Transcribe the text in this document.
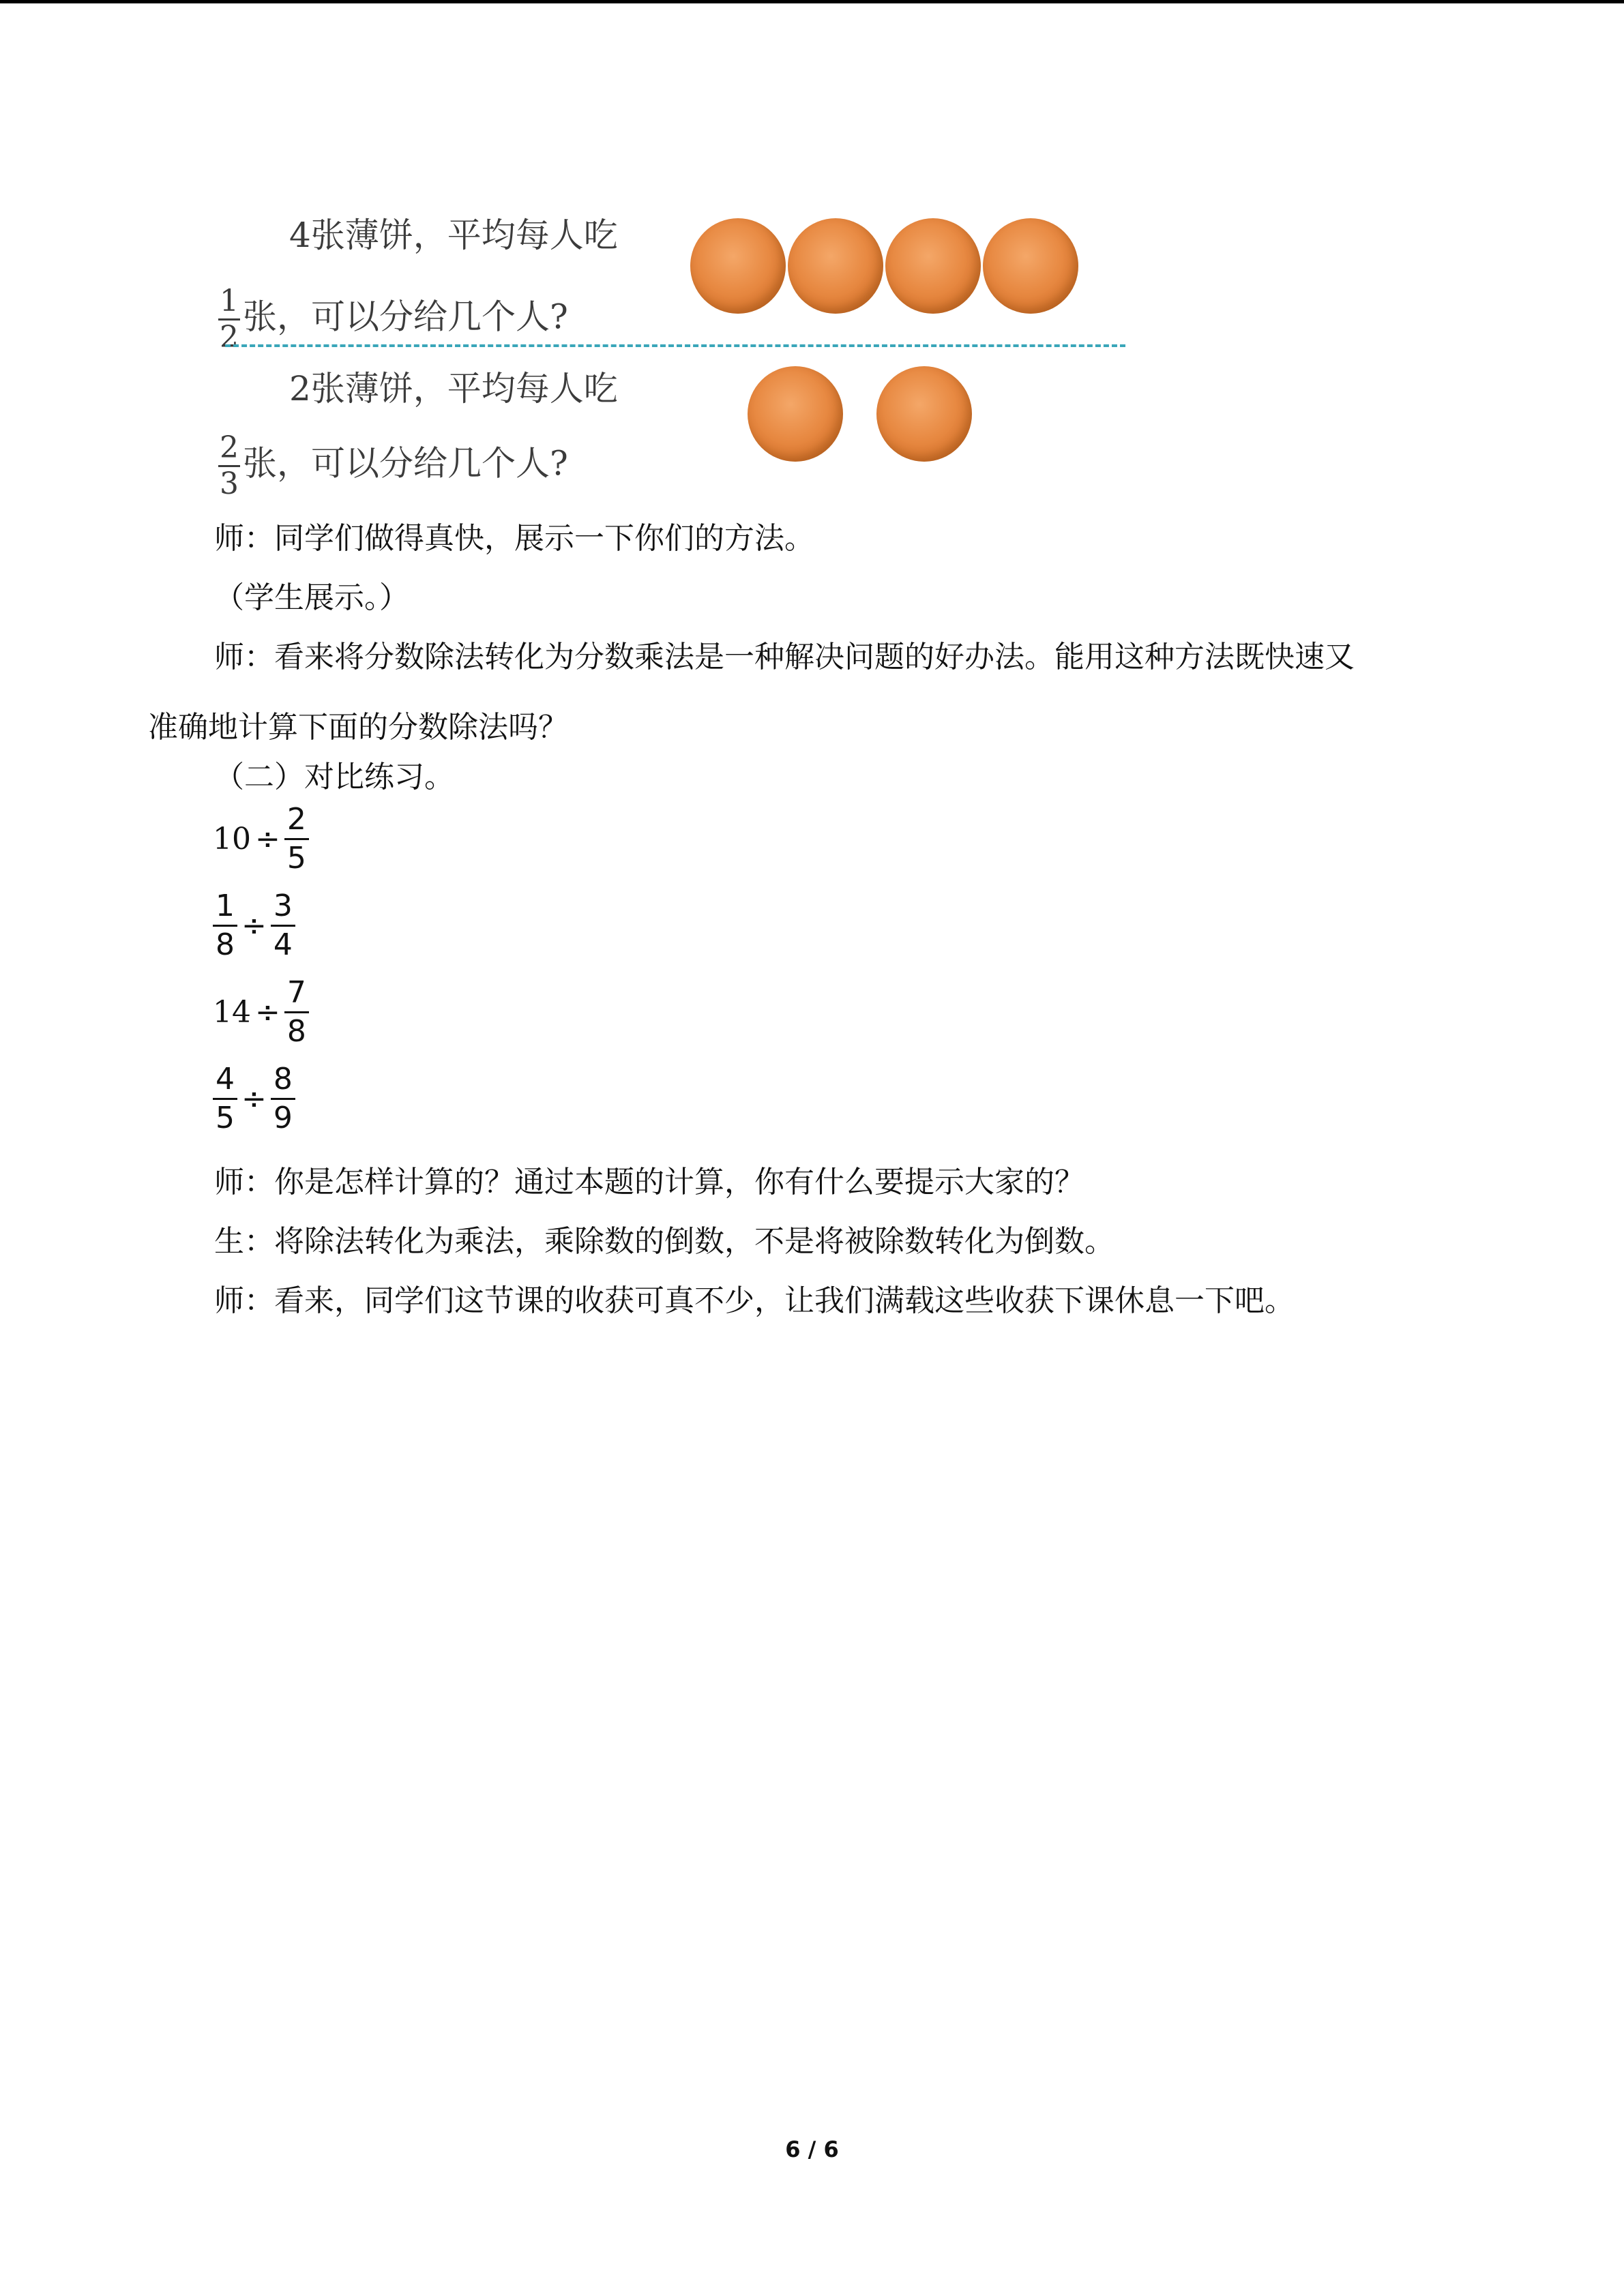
4张薄饼，平均每人吃
$\frac{1}{2}$ 张，可以分给几个人?
2张薄饼，平均每人吃
$\frac{2}{3}$ 张，可以分给几个人?
师：同学们做得真快，展示一下你们的方法。
（学生展示。）
师：看来将分数除法转化为分数乘法是一种解决问题的好办法。能用这种方法既快速又
准确地计算下面的分数除法吗？
（二）对比练习。
$10 \div \frac{2}{5}$
$\frac{1}{8} \div \frac{3}{4}$
$14 \div \frac{7}{8}$
$\frac{4}{5} \div \frac{8}{9}$
师：你是怎样计算的？通过本题的计算，你有什么要提示大家的？
生：将除法转化为乘法，乘除数的倒数，不是将被除数转化为倒数。
师：看来，同学们这节课的收获可真不少，让我们满载这些收获下课休息一下吧。
6 / 6
